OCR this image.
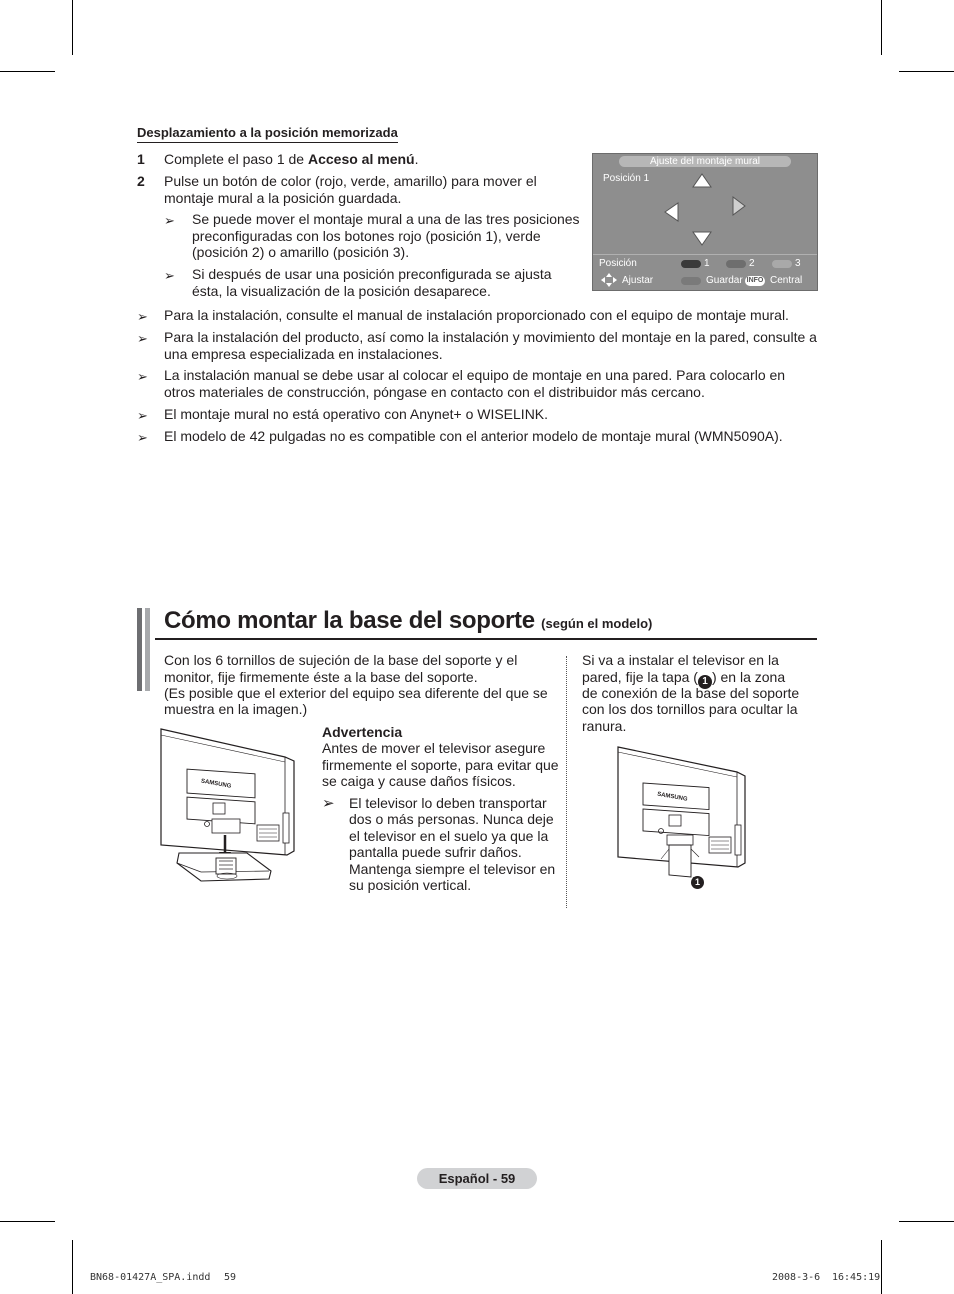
Desplazamiento a la posición memorizada
1 Complete el paso 1 de Acceso al menú.
2 Pulse un botón de color (rojo, verde, amarillo) para mover el
montaje mural a la posición guardada.
➢ Se puede mover el montaje mural a una de las tres posiciones
preconfiguradas con los botones rojo (posición 1), verde
(posición 2) o amarillo (posición 3).
➢ Si después de usar una posición preconfigurada se ajusta
ésta, la visualización de la posición desaparece.
Ajuste del montaje mural
Posición 1
Posición	1	2	3
Ajustar	Guardar INFO Central
➢ Para la instalación, consulte el manual de instalación proporcionado con el equipo de montaje mural.
➢ Para la instalación del producto, así como la instalación y movimiento del montaje en la pared, consulte a
una empresa especializada en instalaciones.
➢ La instalación manual se debe usar al colocar el equipo de montaje en una pared. Para colocarlo en
otros materiales de construcción, póngase en contacto con el distribuidor más cercano.
➢ El montaje mural no está operativo con Anynet+ o WISELINK.
➢ El modelo de 42 pulgadas no es compatible con el anterior modelo de montaje mural (WMN5090A).
Cómo montar la base del soporte (según el modelo)
Con los 6 tornillos de sujeción de la base del soporte y el
monitor, fije firmemente éste a la base del soporte.
(Es posible que el exterior del equipo sea diferente del que se
muestra en la imagen.)
SAMSUNG
Advertencia
Antes de mover el televisor asegure
firmemente el soporte, para evitar que
se caiga y cause daños físicos.
➢ El televisor lo deben transportar
dos o más personas. Nunca deje
el televisor en el suelo ya que la
pantalla puede sufrir daños.
Mantenga siempre el televisor en
su posición vertical.
Si va a instalar el televisor en la
pared, fije la tapa ( 1 ) en la zona
de conexión de la base del soporte
con los dos tornillos para ocultar la
ranura.
SAMSUNG
1
Español - 59
BN68-01427A_SPA.indd 59	2008-3-6 16:45:19
